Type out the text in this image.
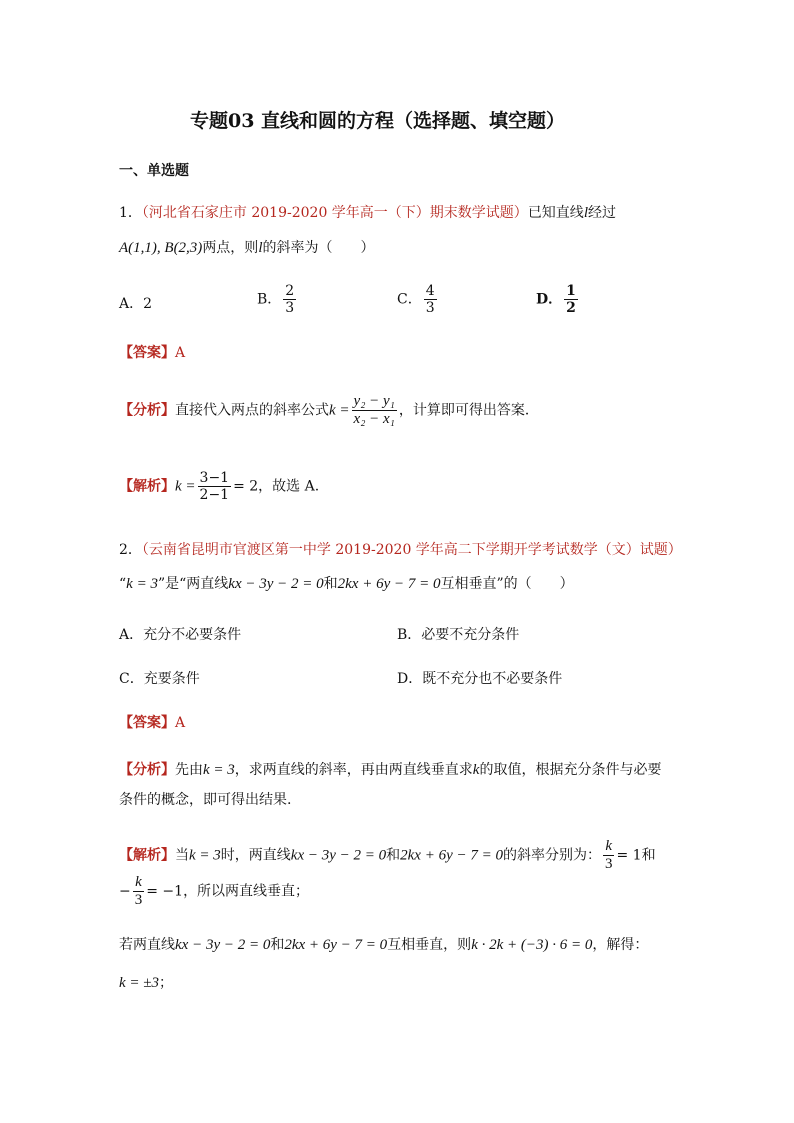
专题03 直线和圆的方程（选择题、填空题）
一、单选题
1．（河北省石家庄市 2019-2020 学年高一（下）期末数学试题）已知直线l经过
A(1,1), B(2,3)两点，则l的斜率为（　　）
A．2	B． $\frac{2}{3}$	C． $\frac{4}{3}$	D． $\frac{1}{2}$
【答案】A
【分析】直接代入两点的斜率公式$k = \frac{\text{y₂ − y₁}}{\text{x₂ − x₁}}$ ，计算即可得出答案．
【解析】$k = \frac{3-1}{2-1} = 2$，故选 A.
2．（云南省昆明市官渡区第一中学 2019-2020 学年高二下学期开学考试数学（文）试题）
“k = 3”是“两直线kx − 3y − 2 = 0和2kx + 6y − 7 = 0互相垂直”的（　　）
A．充分不必要条件	B．必要不充分条件
C．充要条件	D．既不充分也不必要条件
【答案】A
【分析】先由k = 3，求两直线的斜率，再由两直线垂直求k的取值，根据充分条件与必要
条件的概念，即可得出结果.
【解析】当k = 3时，两直线kx − 3y − 2 = 0和2kx + 6y − 7 = 0的斜率分别为： $\frac{k}{3} = 1$和
− $\frac{k}{3} = -1$，所以两直线垂直；
若两直线kx − 3y − 2 = 0和2kx + 6y − 7 = 0互相垂直，则k · 2k + (−3) · 6 = 0，解得：
k = ±3；
